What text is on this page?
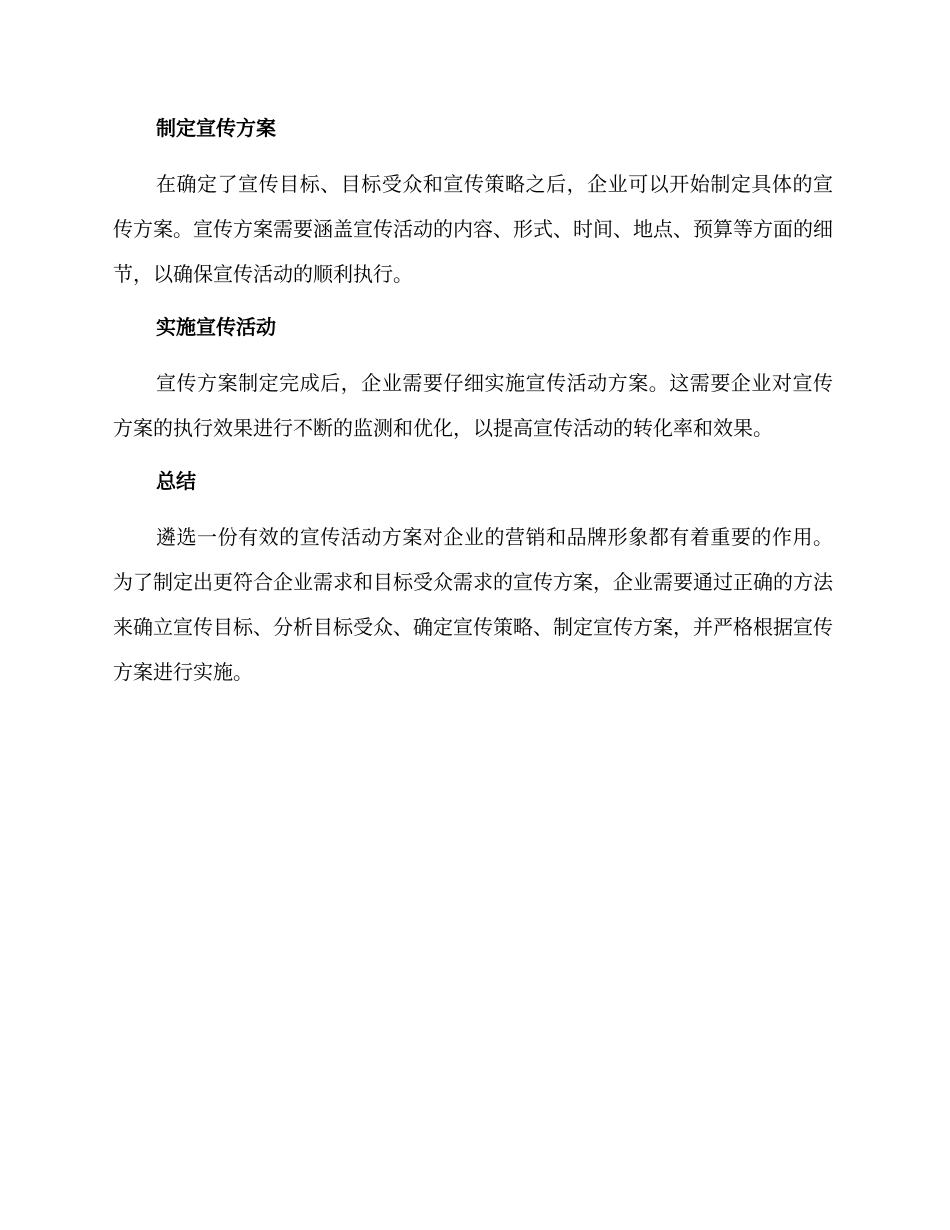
制定宣传方案

在确定了宣传目标、目标受众和宣传策略之后，企业可以开始制定具体的宣传方案。宣传方案需要涵盖宣传活动的内容、形式、时间、地点、预算等方面的细节，以确保宣传活动的顺利执行。

实施宣传活动

宣传方案制定完成后，企业需要仔细实施宣传活动方案。这需要企业对宣传方案的执行效果进行不断的监测和优化，以提高宣传活动的转化率和效果。

总结

遴选一份有效的宣传活动方案对企业的营销和品牌形象都有着重要的作用。为了制定出更符合企业需求和目标受众需求的宣传方案，企业需要通过正确的方法来确立宣传目标、分析目标受众、确定宣传策略、制定宣传方案，并严格根据宣传方案进行实施。
